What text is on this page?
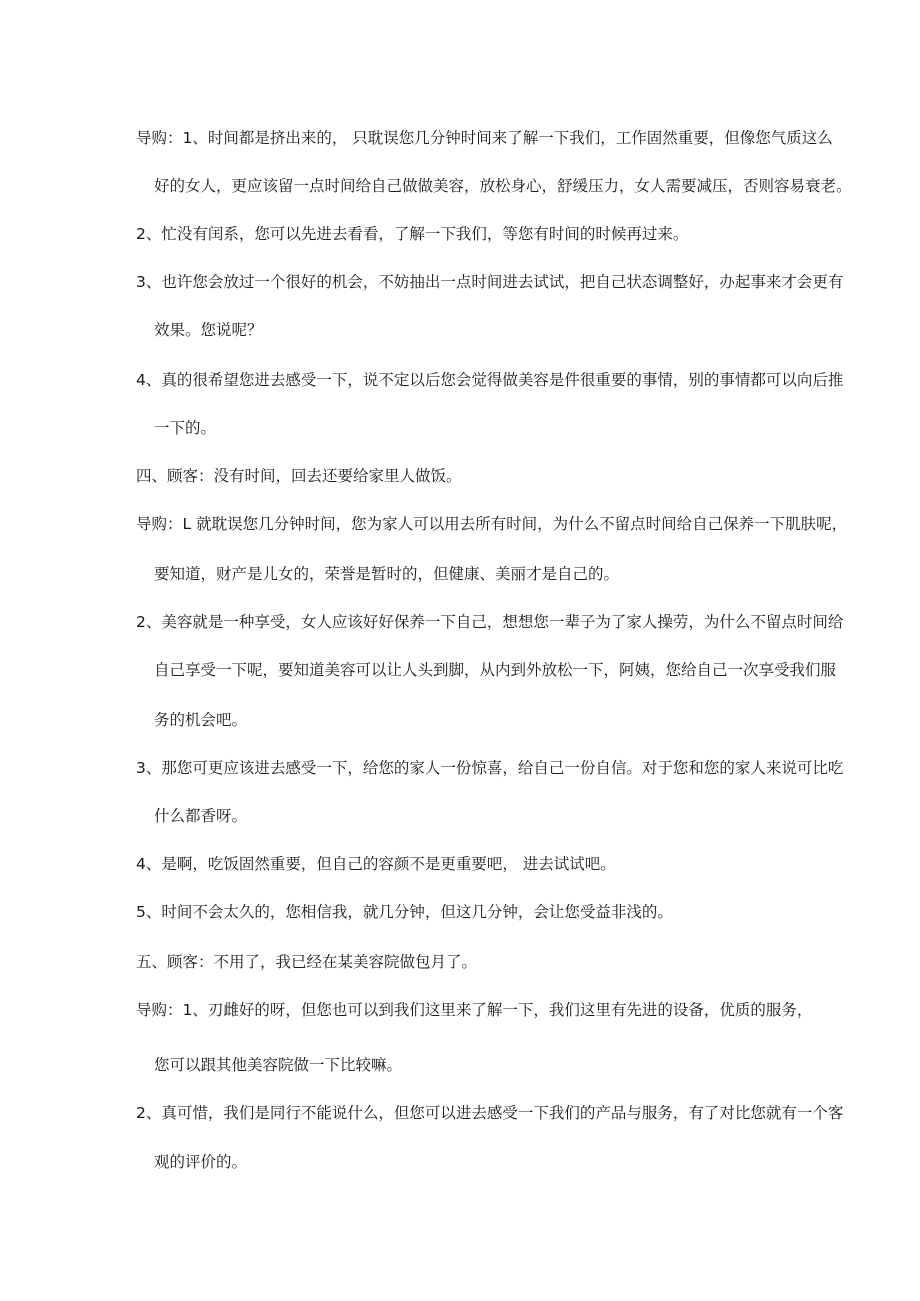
导购：1、时间都是挤出来的， 只耽误您几分钟时间来了解一下我们，工作固然重要，但像您气质这么
好的女人，更应该留一点时间给自己做做美容，放松身心，舒缓压力，女人需要减压，否则容易衰老。
2、忙没有闰系，您可以先进去看看，了解一下我们，等您有时间的时候再过来。
3、也许您会放过一个很好的机会，不妨抽出一点时间进去试试，把自己状态调整好，办起事来才会更有
效果。您说呢？
4、真的很希望您进去感受一下，说不定以后您会觉得做美容是件很重要的事情，别的事情都可以向后推
一下的。
四、顾客：没有时间，回去还要给家里人做饭。
导购：L 就耽误您几分钟时间，您为家人可以用去所有时间，为什么不留点时间给自己保养一下肌肤呢，
要知道，财产是儿女的，荣誉是暂时的，但健康、美丽才是自己的。
2、美容就是一种享受，女人应该好好保养一下自己，想想您一辈子为了家人操劳，为什么不留点时间给
自己享受一下呢，要知道美容可以让人头到脚，从内到外放松一下，阿姨，您给自己一次享受我们服
务的机会吧。
3、那您可更应该进去感受一下，给您的家人一份惊喜，给自己一份自信。对于您和您的家人来说可比吃
什么都香呀。
4、是啊，吃饭固然重要，但自己的容颜不是更重要吧， 进去试试吧。
5、时间不会太久的，您相信我，就几分钟，但这几分钟，会让您受益非浅的。
五、顾客：不用了，我已经在某美容院做包月了。
导购：1、刃雌好的呀，但您也可以到我们这里来了解一下，我们这里有先进的设备，优质的服务，
您可以跟其他美容院做一下比较嘛。
2、真可惜，我们是同行不能说什么，但您可以进去感受一下我们的产品与服务，有了对比您就有一个客
观的评价的。
